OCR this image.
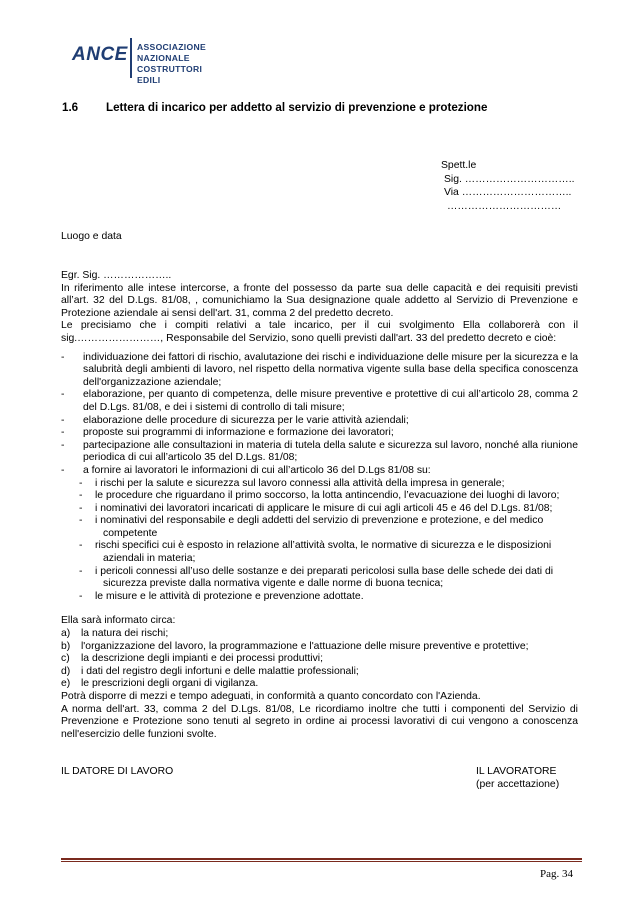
ANCE ASSOCIAZIONE NAZIONALE
COSTRUTTORI EDILI
1.6 Lettera di incarico per addetto al servizio di prevenzione e protezione
Spett.le
Sig. …………………………..
Via …………………………..
……………………………
Luogo e data

Egr. Sig. ………………..

In riferimento alle intese intercorse, a fronte del possesso da parte sua delle capacità e dei requisiti previsti all’art. 32 del D.Lgs. 81/08, , comunichiamo la Sua designazione quale addetto al Servizio di Prevenzione e Protezione aziendale ai sensi dell'art. 31, comma 2 del predetto decreto.

Le precisiamo che i compiti relativi a tale incarico, per il cui svolgimento Ella collaborerà con il sig.……………………, Responsabile del Servizio, sono quelli previsti dall'art. 33 del predetto decreto e cioè:

- individuazione dei fattori di rischio, avalutazione dei rischi e individuazione delle misure per la sicurezza e la salubrità degli ambienti di lavoro, nel rispetto della normativa vigente sulla base della specifica conoscenza dell'organizzazione aziendale;
- elaborazione, per quanto di competenza, delle misure preventive e protettive di cui all’articolo 28, comma 2 del D.Lgs. 81/08, e dei i sistemi di controllo di tali misure;
- elaborazione delle procedure di sicurezza per le varie attività aziendali;
- proposte sui programmi di informazione e formazione dei lavoratori;
- partecipazione alle consultazioni in materia di tutela della salute e sicurezza sul lavoro, nonché alla riunione periodica di cui all’articolo 35 del D.Lgs. 81/08;
- a fornire ai lavoratori le informazioni di cui all’articolo 36 del D.Lgs 81/08 su:
- i rischi per la salute e sicurezza sul lavoro connessi alla attività della impresa in generale;
- le procedure che riguardano il primo soccorso, la lotta antincendio, l’evacuazione dei luoghi di lavoro;
- i nominativi dei lavoratori incaricati di applicare le misure di cui agli articoli 45 e 46 del D.Lgs. 81/08;
- i nominativi del responsabile e degli addetti del servizio di prevenzione e protezione, e del medico
competente
- rischi specifici cui è esposto in relazione all’attività svolta, le normative di sicurezza e le disposizioni
aziendali in materia;
- i pericoli connessi all’uso delle sostanze e dei preparati pericolosi sulla base delle schede dei dati di
sicurezza previste dalla normativa vigente e dalle norme di buona tecnica;
- le misure e le attività di protezione e prevenzione adottate.

Ella sarà informato circa:

a) la natura dei rischi;
b) l'organizzazione del lavoro, la programmazione e l'attuazione delle misure preventive e protettive;
c) la descrizione degli impianti e dei processi produttivi;
d) i dati del registro degli infortuni e delle malattie professionali;
e) le prescrizioni degli organi di vigilanza.

Potrà disporre di mezzi e tempo adeguati, in conformità a quanto concordato con l'Azienda.

A norma dell'art. 33, comma 2 del D.Lgs. 81/08, Le ricordiamo inoltre che tutti i componenti del Servizio di Prevenzione e Protezione sono tenuti al segreto in ordine ai processi lavorativi di cui vengono a conoscenza nell'esercizio delle funzioni svolte.

IL DATORE DI LAVORO	IL LAVORATORE
(per accettazione)
Pag. 34
